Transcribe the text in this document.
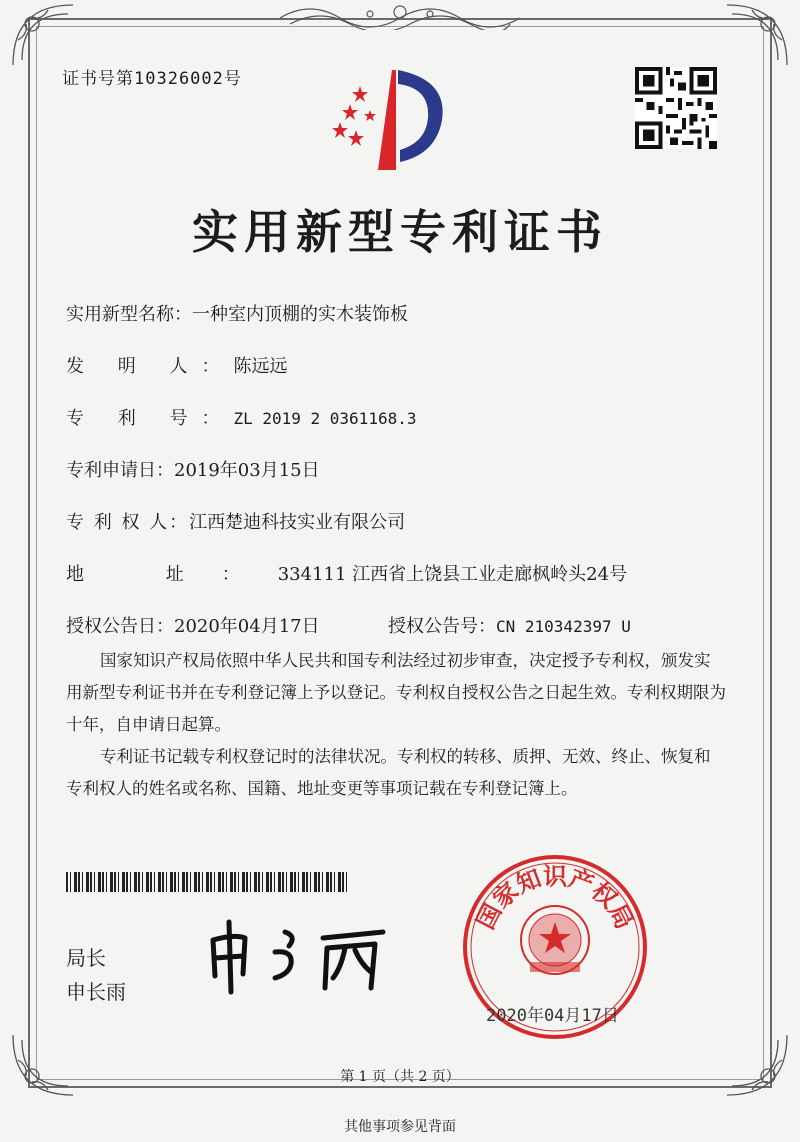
证书号第10326002号
实用新型专利证书
实用新型名称：一种室内顶棚的实木装饰板
发 明 人：陈远远
专 利 号：ZL 2019 2 0361168.3
专利申请日：2019年03月15日
专 利 权 人：江西楚迪科技实业有限公司
地 址：334111 江西省上饶县工业走廊枫岭头24号
授权公告日：2020年04月17日	授权公告号：CN 210342397 U
国家知识产权局依照中华人民共和国专利法经过初步审查，决定授予专利权，颁发实用新型专利证书并在专利登记簿上予以登记。专利权自授权公告之日起生效。专利权期限为十年，自申请日起算。
专利证书记载专利权登记时的法律状况。专利权的转移、质押、无效、终止、恢复和专利权人的姓名或名称、国籍、地址变更等事项记载在专利登记簿上。
局长
申长雨
国家知识产权局
2020年04月17日
第 1 页（共 2 页）
其他事项参见背面
